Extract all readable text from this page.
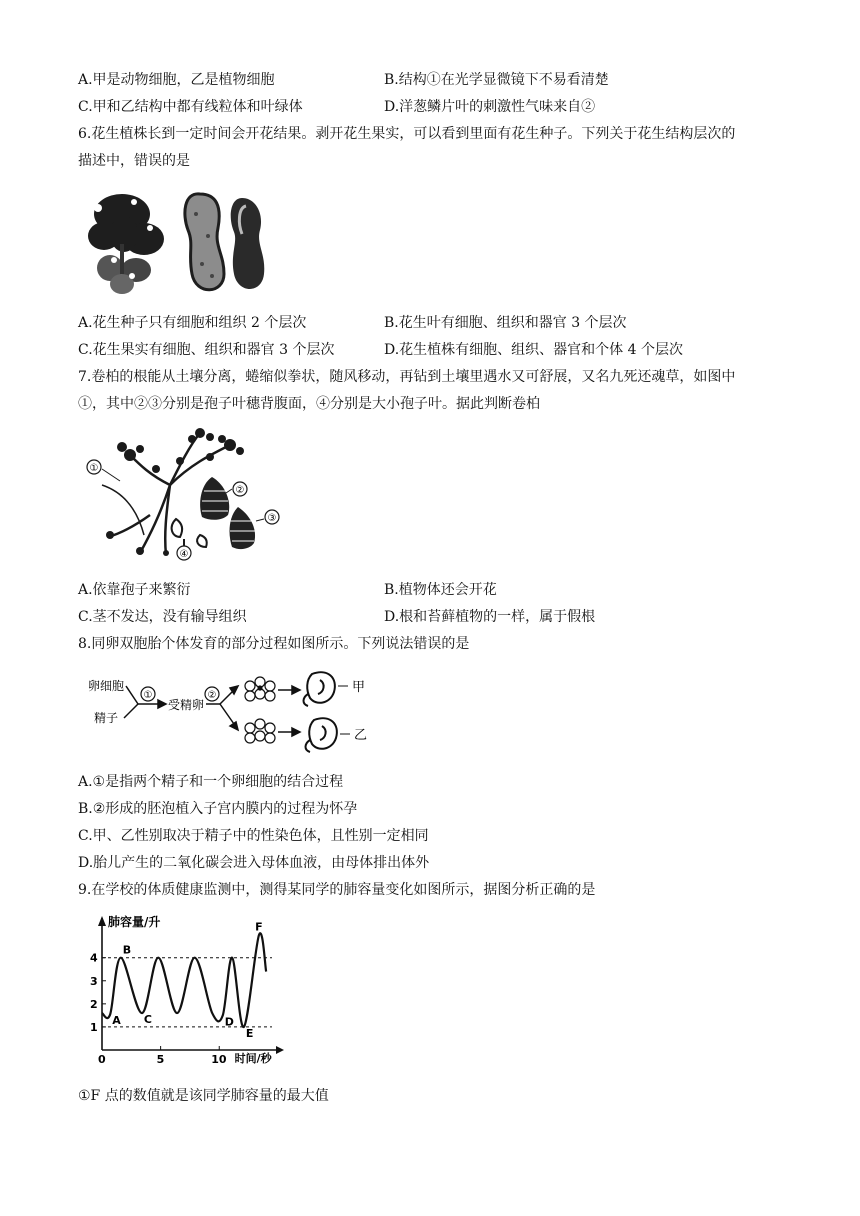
A.甲是动物细胞，乙是植物细胞	B.结构①在光学显微镜下不易看清楚
C.甲和乙结构中都有线粒体和叶绿体	D.洋葱鳞片叶的刺激性气味来自②
6.花生植株长到一定时间会开花结果。剥开花生果实，可以看到里面有花生种子。下列关于花生结构层次的
描述中，错误的是
A.花生种子只有细胞和组织 2 个层次	B.花生叶有细胞、组织和器官 3 个层次
C.花生果实有细胞、组织和器官 3 个层次	D.花生植株有细胞、组织、器官和个体 4 个层次
7.卷柏的根能从土壤分离，蜷缩似拳状，随风移动，再钻到土壤里遇水又可舒展，又名九死还魂草，如图中
①，其中②③分别是孢子叶穗背腹面，④分别是大小孢子叶。据此判断卷柏
①
②
③
④
A.依靠孢子来繁衍	B.植物体还会开花
C.茎不发达，没有输导组织	D.根和苔藓植物的一样，属于假根
8.同卵双胞胎个体发育的部分过程如图所示。下列说法错误的是
卵细胞
精子
①
受精卵
②
甲
乙
A.①是指两个精子和一个卵细胞的结合过程
B.②形成的胚泡植入子宫内膜内的过程为怀孕
C.甲、乙性别取决于精子中的性染色体，且性别一定相同
D.胎儿产生的二氧化碳会进入母体血液，由母体排出体外
9.在学校的体质健康监测中，测得某同学的肺容量变化如图所示，据图分析正确的是
肺容量/升
时间/秒
1
2
3
4
0	5	10
A
B
C	D
E
F
①F 点的数值就是该同学肺容量的最大值
